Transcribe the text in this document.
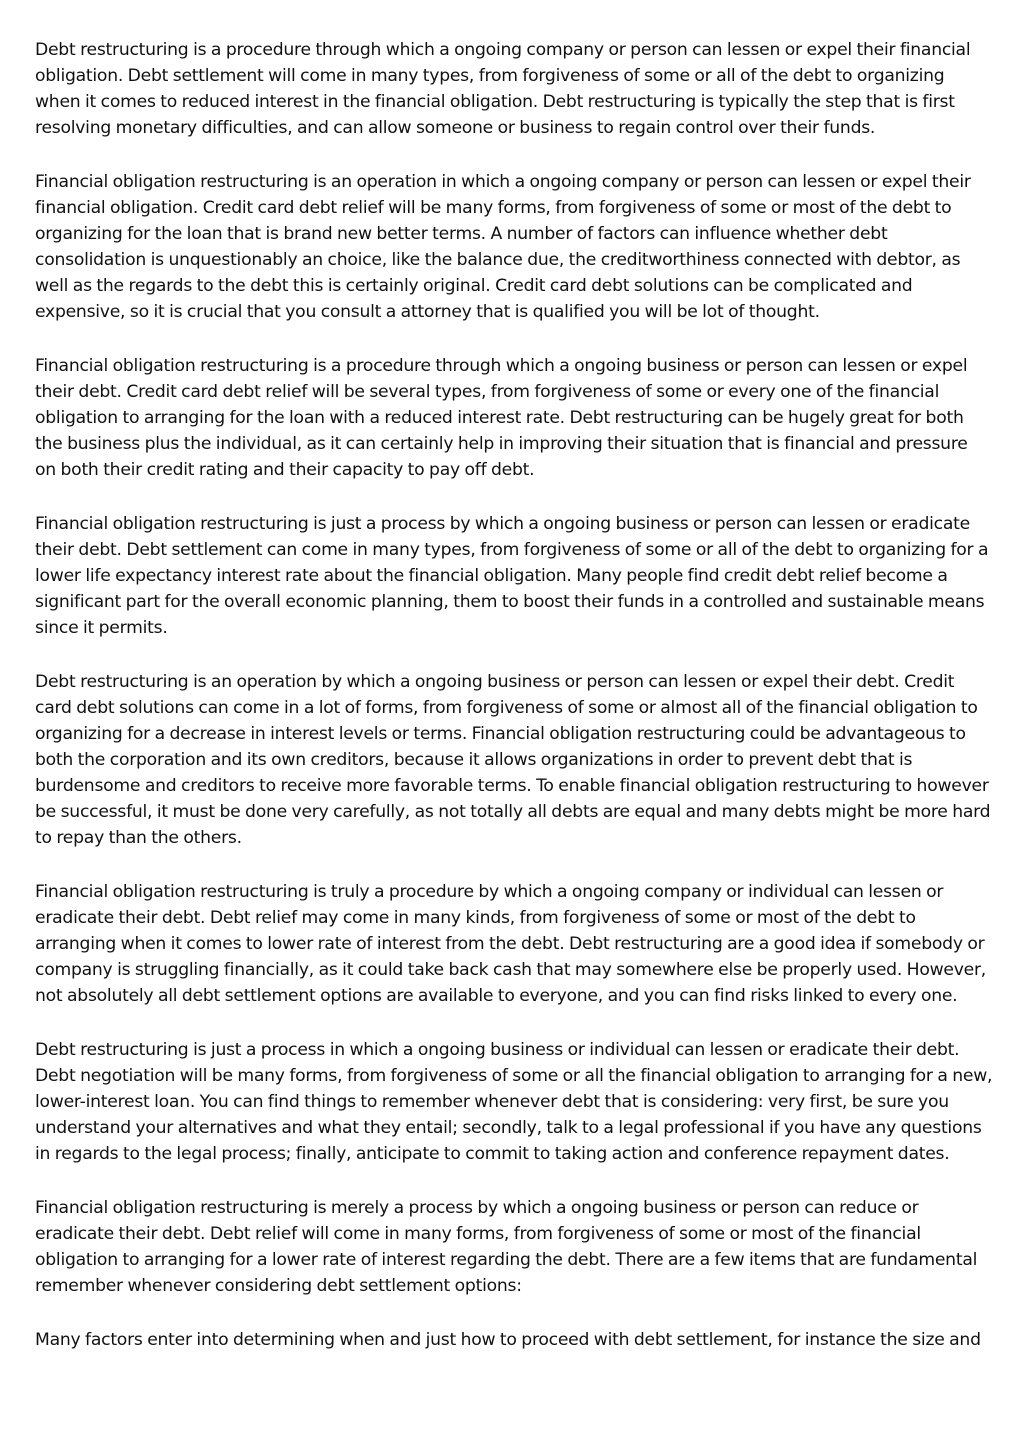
Debt restructuring is a procedure through which a ongoing company or person can lessen or expel their financial obligation. Debt settlement will come in many types, from forgiveness of some or all of the debt to organizing when it comes to reduced interest in the financial obligation. Debt restructuring is typically the step that is first resolving monetary difficulties, and can allow someone or business to regain control over their funds.

Financial obligation restructuring is an operation in which a ongoing company or person can lessen or expel their financial obligation. Credit card debt relief will be many forms, from forgiveness of some or most of the debt to organizing for the loan that is brand new better terms. A number of factors can influence whether debt consolidation is unquestionably an choice, like the balance due, the creditworthiness connected with debtor, as well as the regards to the debt this is certainly original. Credit card debt solutions can be complicated and expensive, so it is crucial that you consult a attorney that is qualified you will be lot of thought.

Financial obligation restructuring is a procedure through which a ongoing business or person can lessen or expel their debt. Credit card debt relief will be several types, from forgiveness of some or every one of the financial obligation to arranging for the loan with a reduced interest rate. Debt restructuring can be hugely great for both the business plus the individual, as it can certainly help in improving their situation that is financial and pressure on both their credit rating and their capacity to pay off debt.

Financial obligation restructuring is just a process by which a ongoing business or person can lessen or eradicate their debt. Debt settlement can come in many types, from forgiveness of some or all of the debt to organizing for a lower life expectancy interest rate about the financial obligation. Many people find credit debt relief become a significant part for the overall economic planning, them to boost their funds in a controlled and sustainable means since it permits.

Debt restructuring is an operation by which a ongoing business or person can lessen or expel their debt. Credit card debt solutions can come in a lot of forms, from forgiveness of some or almost all of the financial obligation to organizing for a decrease in interest levels or terms. Financial obligation restructuring could be advantageous to both the corporation and its own creditors, because it allows organizations in order to prevent debt that is burdensome and creditors to receive more favorable terms. To enable financial obligation restructuring to however be successful, it must be done very carefully, as not totally all debts are equal and many debts might be more hard to repay than the others.

Financial obligation restructuring is truly a procedure by which a ongoing company or individual can lessen or eradicate their debt. Debt relief may come in many kinds, from forgiveness of some or most of the debt to arranging when it comes to lower rate of interest from the debt. Debt restructuring are a good idea if somebody or company is struggling financially, as it could take back cash that may somewhere else be properly used. However, not absolutely all debt settlement options are available to everyone, and you can find risks linked to every one.

Debt restructuring is just a process in which a ongoing business or individual can lessen or eradicate their debt. Debt negotiation will be many forms, from forgiveness of some or all the financial obligation to arranging for a new, lower-interest loan. You can find things to remember whenever debt that is considering: very first, be sure you understand your alternatives and what they entail; secondly, talk to a legal professional if you have any questions in regards to the legal process; finally, anticipate to commit to taking action and conference repayment dates.

Financial obligation restructuring is merely a process by which a ongoing business or person can reduce or eradicate their debt. Debt relief will come in many forms, from forgiveness of some or most of the financial obligation to arranging for a lower rate of interest regarding the debt. There are a few items that are fundamental remember whenever considering debt settlement options:

Many factors enter into determining when and just how to proceed with debt settlement, for instance the size and
